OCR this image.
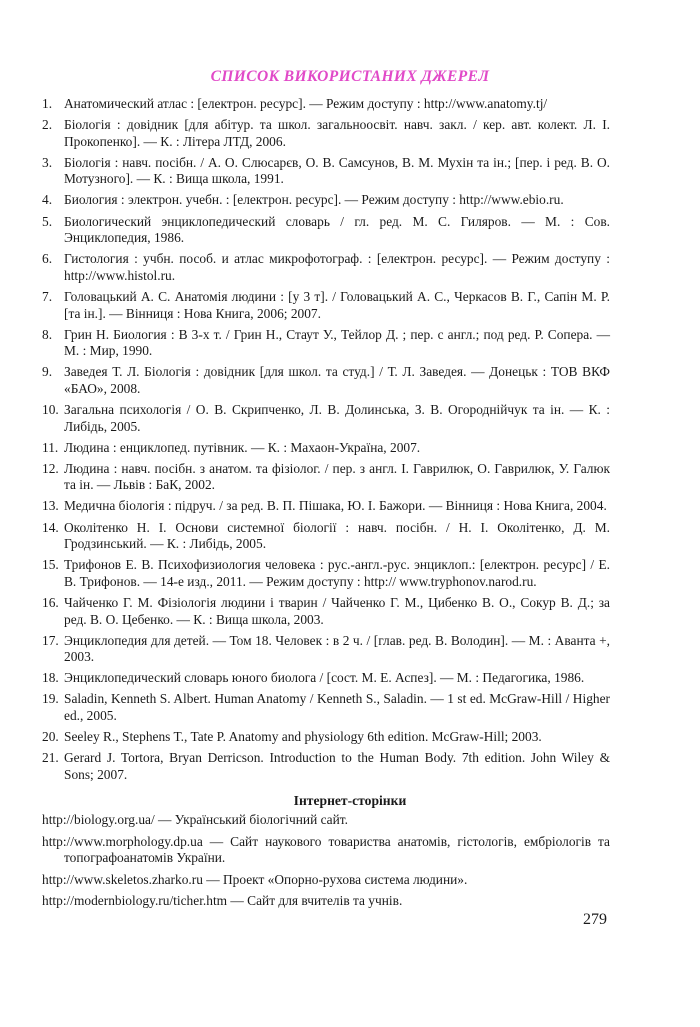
СПИСОК ВИКОРИСТАНИХ ДЖЕРЕЛ
1. Анатомический атлас : [електрон. ресурс]. — Режим доступу : http://www.anatomy.tj/
2. Біологія : довідник [для абітур. та школ. загальноосвіт. навч. закл. / кер. авт. колект. Л. І. Прокопенко]. — К. : Літера ЛТД, 2006.
3. Біологія : навч. посібн. / А. О. Слюсарєв, О. В. Самсунов, В. М. Мухін та ін.; [пер. і ред. В. О. Мотузного]. — К. : Вища школа, 1991.
4. Биология : электрон. учебн. : [електрон. ресурс]. — Режим доступу : http://www.ebio.ru.
5. Биологический энциклопедический словарь / гл. ред. М. С. Гиляров. — М. : Сов. Энциклопедия, 1986.
6. Гистология : учбн. пособ. и атлас микрофотограф. : [електрон. ресурс]. — Режим доступу : http://www.histol.ru.
7. Головацький А. С. Анатомія людини : [у 3 т]. / Головацький А. С., Черкасов В. Г., Сапін М. Р. [та ін.]. — Вінниця : Нова Книга, 2006; 2007.
8. Грин Н. Биология : В 3-х т. / Грин Н., Стаут У., Тейлор Д. ; пер. с англ.; под ред. Р. Сопера. — М. : Мир, 1990.
9. Заведея Т. Л. Біологія : довідник [для школ. та студ.] / Т. Л. Заведея. — Донецьк : ТОВ ВКФ «БАО», 2008.
10. Загальна психологія / О. В. Скрипченко, Л. В. Долинська, З. В. Огороднійчук та ін. — К. : Либідь, 2005.
11. Людина : енциклопед. путівник. — К. : Махаон-Україна, 2007.
12. Людина : навч. посібн. з анатом. та фізіолог. / пер. з англ. І. Гаврилюк, О. Гаврилюк, У. Галюк та ін. — Львів : БаК, 2002.
13. Медична біологія : підруч. / за ред. В. П. Пішака, Ю. І. Бажори. — Вінниця : Нова Книга, 2004.
14. Околітенко Н. І. Основи системної біології : навч. посібн. / Н. І. Околітенко, Д. М. Гродзинський. — К. : Либідь, 2005.
15. Трифонов Е. В. Психофизиология человека : рус.-англ.-рус. энциклоп.: [електрон. ресурс] / Е. В. Трифонов. — 14-е изд., 2011. — Режим доступу : http:// www.tryphonov.narod.ru.
16. Чайченко Г. М. Фізіологія людини і тварин / Чайченко Г. М., Цибенко В. О., Сокур В. Д.; за ред. В. О. Цебенко. — К. : Вища школа, 2003.
17. Энциклопедия для детей. — Том 18. Человек : в 2 ч. / [глав. ред. В. Володин]. — М. : Аванта +, 2003.
18. Энциклопедический словарь юного биолога / [сост. М. Е. Аспез]. — М. : Педагогика, 1986.
19. Saladin, Kenneth S. Albert. Human Anatomy / Kenneth S., Saladin. — 1 st ed. McGraw-Hill / Higher ed., 2005.
20. Seeley R., Stephens T., Tate P. Anatomy and physiology 6th edition. McGraw-Hill; 2003.
21. Gerard J. Tortora, Bryan Derricson. Introduction to the Human Body. 7th edition. John Wiley & Sons; 2007.
Інтернет-сторінки
http://biology.org.ua/ — Український біологічний сайт.
http://www.morphology.dp.ua — Сайт наукового товариства анатомів, гістологів, ембріологів та топографоанатомів України.
http://www.skeletos.zharko.ru — Проект «Опорно-рухова система людини».
http://modernbiology.ru/ticher.htm — Сайт для вчителів та учнів.
279
